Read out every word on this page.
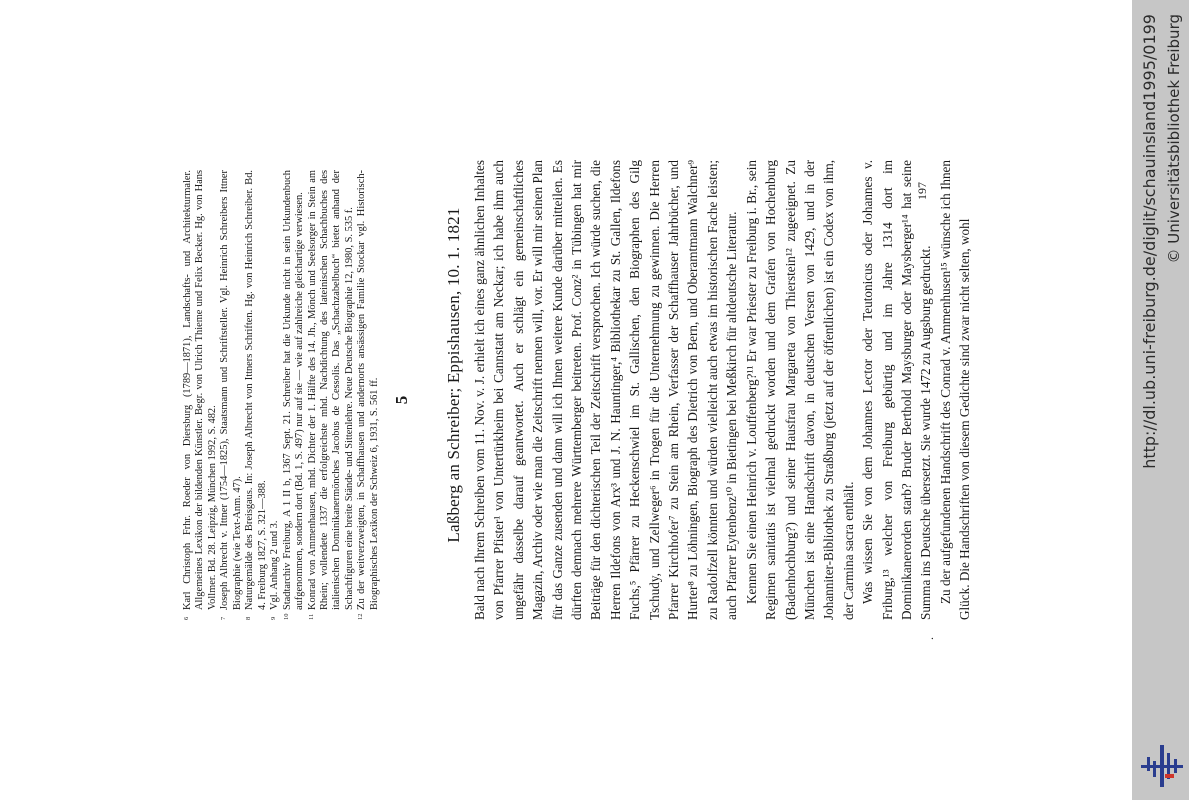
6
Karl Christoph Frhr. Roeder von Diersburg (1789—1871), Landschafts- und Architekturmaler. Allgemeines Lexikon der bildenden Künstler. Begr. von Ulrich Thieme und Felix Becker. Hg. von Hans Vollmer. Bd. 28. Leipzig, München 1992, S. 482.
7
Joseph Albrecht v. Ittner (1754—1825), Staatsmann und Schriftsteller. Vgl. Heinrich Schreibers Ittner Biographie (wie Text-Anm. 47).
8
Naturgemälde des Breisgaus. In: Joseph Albrecht von Ittners Schriften. Hg. von Heinrich Schreiber. Bd. 4. Freiburg 1827, S. 321—388.
9
Vgl. Anhang 2 und 3.
10
Stadtarchiv Freiburg, A 1 II b, 1367 Sept. 21. Schreiber hat die Urkunde nicht in sein Urkundenbuch aufgenommen, sondern dort (Bd. 1, S. 497) nur auf sie — wie auf zahlreiche gleichartige verwiesen.
11
Konrad von Ammenhausen, mhd. Dichter der 1. Hälfte des 14. Jh., Mönch und Seelsorger in Stein am Rhein; vollendete 1337 die erfolgreichste mhd. Nachdichtung des lateinischen Schachbuches des italienischen Dominikanermönches Jacobus de Cessolis. Das „Schachzabelbuch“ bietet anhand der Schachfiguren eine breite Stände- und Sittenlehre. Neue Deutsche Biographie 12, 1980, S. 535 f.
12
Zu der weitverzweigten, in Schaffhausen und andernorts ansässigen Familie Stockar vgl. Historisch-Biographisches Lexikon der Schweiz 6, 1931, S. 561 ff. 5 Laßberg an Schreiber; Eppishausen, 10. 1. 1821 Bald nach Ihrem Schreiben vom 11. Nov. v. J. erhielt ich eines ganz ähnlichen Inhaltes von Pfarrer Pfister¹ von Untertürkheim bei Cannstatt am Neckar; ich habe ihm auch ungefähr dasselbe darauf geantwortet. Auch er schlägt ein gemeinschaftliches Magazin, Archiv oder wie man die Zeitschrift nennen will, vor. Er will mir seinen Plan für das Ganze zusenden und dann will ich Ihnen weitere Kunde darüber mitteilen. Es dürften demnach mehrere Württemberger beitreten. Prof. Conz² in Tübingen hat mir Beiträge für den dichterischen Teil der Zeitschrift versprochen. Ich würde suchen, die Herren Ildefons von Arx³ und J. N. Hauntinger,⁴ Bibliothekar zu St. Gallen, Ildefons Fuchs,⁵ Pfärrer zu Heckenschwiel im St. Gallischen, den Biographen des Gilg Tschudy, und Zellweger⁶ in Trogen für die Unternehmung zu gewinnen. Die Herren Pfarrer Kirchhofer⁷ zu Stein am Rhein, Verfasser der Schaffhauser Jahrbücher, und Hurter⁸ zu Löhningen, Biograph des Dietrich von Bern, und Oberamtmann Walchner⁹ zu Radolfzell könnten und würden vielleicht auch etwas im historischen Fache leisten; auch Pfarrer Eytenbenz¹⁰ in Bietingen bei Meßkirch für altdeutsche Literatur. Kennen Sie einen Heinrich v. Louffenberg?¹¹ Er war Priester zu Freiburg i. Br., sein Regimen sanitatis ist vielmal gedruckt worden und dem Grafen von Hochenburg (Badenhochburg?) und seiner Hausfrau Margareta von Thierstein¹² zugeeignet. Zu München ist eine Handschrift davon, in deutschen Versen von 1429, und in der Johanniter-Bibliothek zu Straßburg (jetzt auf der öffentlichen) ist ein Codex von ihm, der Carmina sacra enthält. Was wissen Sie von dem Johannes Lector oder Teutonicus oder Johannes v. Friburg,¹³ welcher von Freiburg gebürtig und im Jahre 1314 dort im Dominikanerorden starb? Bruder Berthold Maysburger oder Maysberger¹⁴ hat seine Summa ins Deutsche übersetzt. Sie wurde 1472 zu Augsburg gedruckt. Zu der aufgefundenen Handschrift des Conrad v. Ammenhusen¹⁵ wünsche ich Ihnen Glück. Die Handschriften von diesem Gedichte sind zwar nicht selten, wohl

.
197	http://dl.ub.uni-freiburg.de/diglit/schauinsland1995/0199 © Universitätsbibliothek Freiburg
